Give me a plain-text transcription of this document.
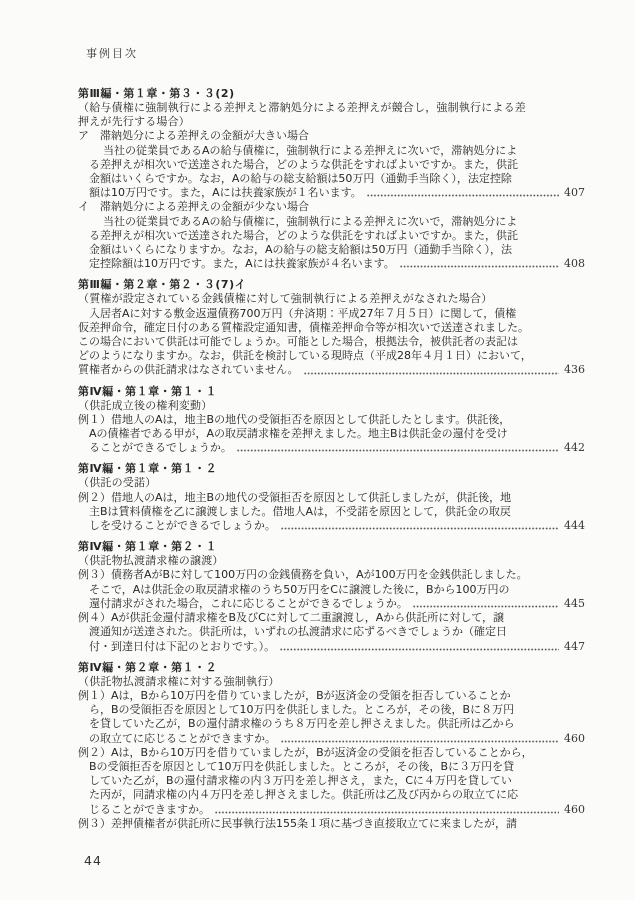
事例目次
第Ⅲ編・第１章・第３・３(2)
（給与債権に強制執行による差押えと滞納処分による差押えが競合し，強制執行による差
押えが先行する場合）
ア　滞納処分による差押えの金額が大きい場合
当社の従業員であるAの給与債権に，強制執行による差押えに次いで，滞納処分によ
る差押えが相次いで送達された場合，どのような供託をすればよいですか。また，供託
金額はいくらですか。なお，Aの給与の総支給額は50万円（通勤手当除く），法定控除
額は10万円です。また，Aには扶養家族が１名います。	407
イ　滞納処分による差押えの金額が少ない場合
当社の従業員であるAの給与債権に，強制執行による差押えに次いで，滞納処分によ
る差押えが相次いで送達された場合，どのような供託をすればよいですか。また，供託
金額はいくらになりますか。なお，Aの給与の総支給額は50万円（通勤手当除く），法
定控除額は10万円です。また，Aには扶養家族が４名います。	408
第Ⅲ編・第２章・第２・３(7)イ
（質権が設定されている金銭債権に対して強制執行による差押えがなされた場合）
入居者Aに対する敷金返還債務700万円（弁済期：平成27年７月５日）に関して，債権
仮差押命令，確定日付のある質権設定通知書，債権差押命令等が相次いで送達されました。
この場合において供託は可能でしょうか。可能とした場合，根拠法令，被供託者の表記は
どのようになりますか。なお，供託を検討している現時点（平成28年４月１日）において，
質権者からの供託請求はなされていません。	436
第Ⅳ編・第１章・第１・１
（供託成立後の権利変動）
例１）借地人のAは，地主Bの地代の受領拒否を原因として供託したとします。供託後，
Aの債権者である甲が，Aの取戻請求権を差押えました。地主Bは供託金の還付を受け
ることができるでしょうか。	442
第Ⅳ編・第１章・第１・２
（供託の受諾）
例２）借地人のAは，地主Bの地代の受領拒否を原因として供託しましたが，供託後，地
主Bは賃料債権を乙に譲渡しました。借地人Aは，不受諾を原因として，供託金の取戻
しを受けることができるでしょうか。	444
第Ⅳ編・第１章・第２・１
（供託物払渡請求権の譲渡）
例３）債務者AがBに対して100万円の金銭債務を負い，Aが100万円を金銭供託しました。
そこで，Aは供託金の取戻請求権のうち50万円をCに譲渡した後に，Bから100万円の
還付請求がされた場合，これに応じることができるでしょうか。	445
例４）Aが供託金還付請求権をB及びCに対して二重譲渡し，Aから供託所に対して，譲
渡通知が送達された。供託所は，いずれの払渡請求に応ずるべきでしょうか（確定日
付・到達日付は下記のとおりです。）。	447
第Ⅳ編・第２章・第１・２
（供託物払渡請求権に対する強制執行）
例１）Aは，Bから10万円を借りていましたが，Bが返済金の受領を拒否していることか
ら，Bの受領拒否を原因として10万円を供託しました。ところが，その後，Bに８万円
を貸していた乙が，Bの還付請求権のうち８万円を差し押さえました。供託所は乙から
の取立てに応じることができますか。	460
例２）Aは，Bから10万円を借りていましたが，Bが返済金の受領を拒否していることから，
Bの受領拒否を原因として10万円を供託しました。ところが，その後，Bに３万円を貸
していた乙が，Bの還付請求権の内３万円を差し押さえ，また，Cに４万円を貸してい
た丙が，同請求権の内４万円を差し押さえました。供託所は乙及び丙からの取立てに応
じることができますか。	460
例３）差押債権者が供託所に民事執行法155条１項に基づき直接取立てに来ましたが，請
44
